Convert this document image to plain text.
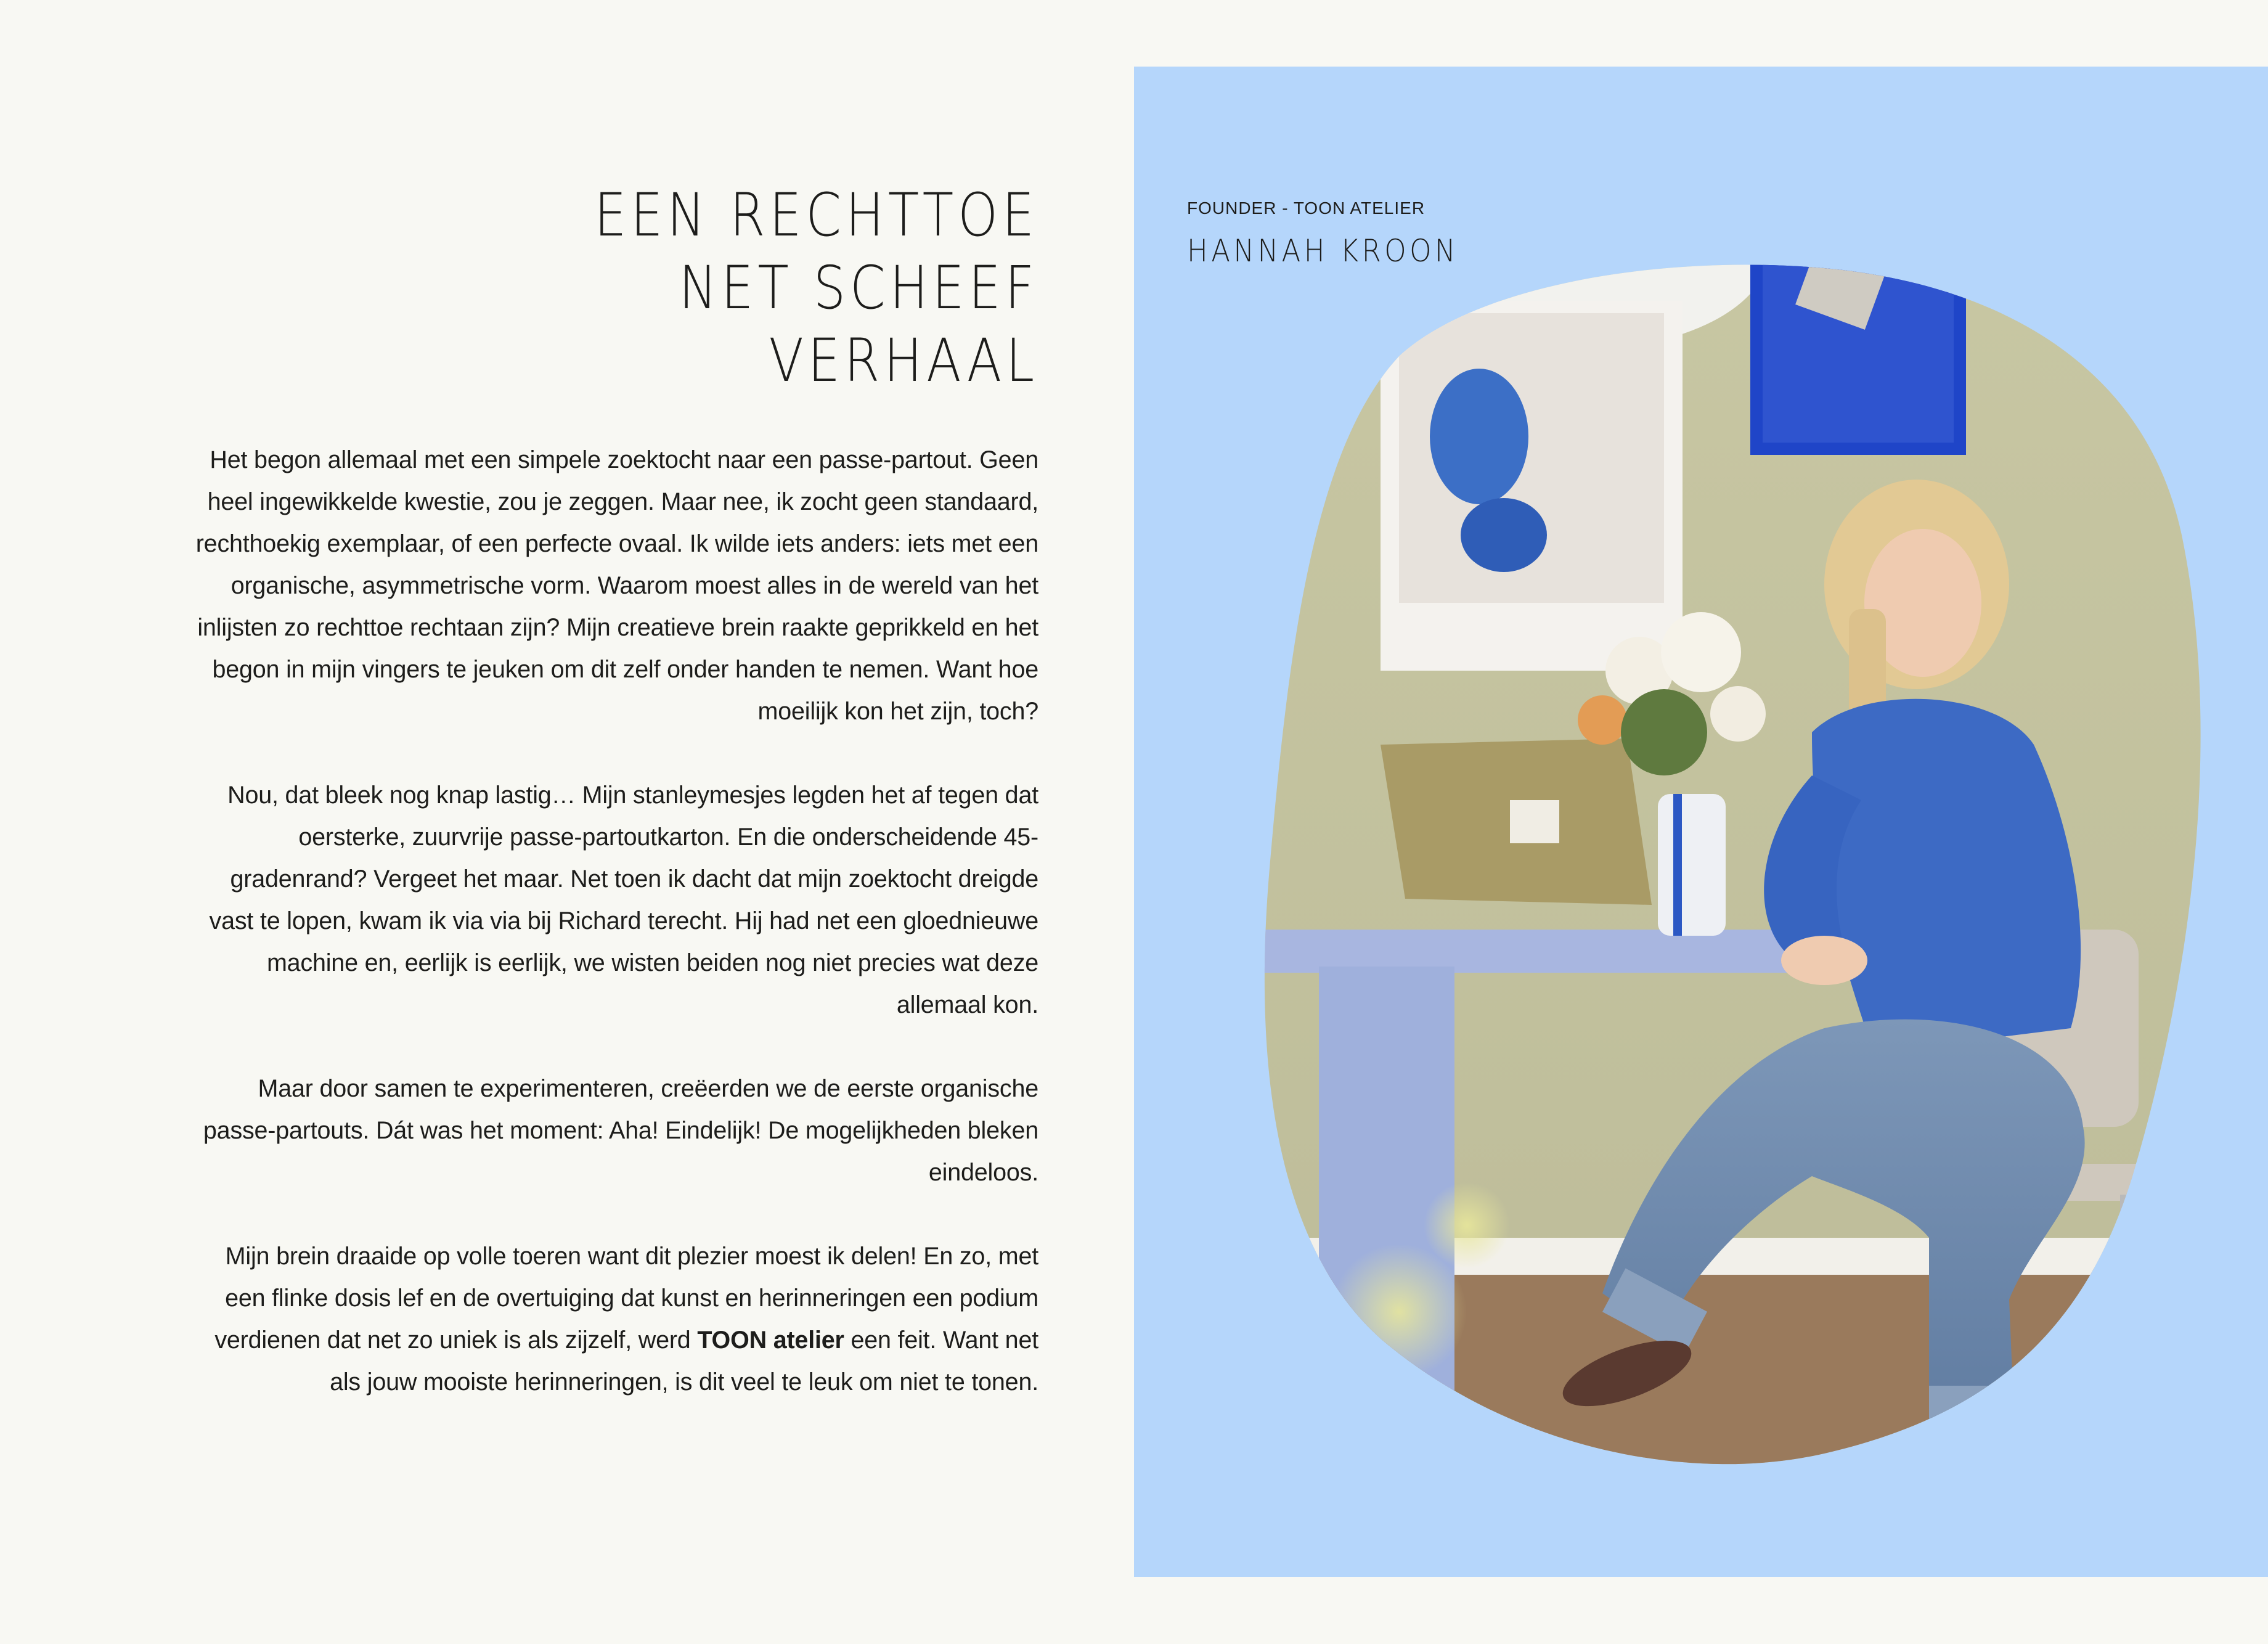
EEN RECHTTOE
NET SCHEEF
VERHAAL

Het begon allemaal met een simpele zoektocht naar een passe-partout. Geen heel ingewikkelde kwestie, zou je zeggen. Maar nee, ik zocht geen standaard, rechthoekig exemplaar, of een perfecte ovaal. Ik wilde iets anders: iets met een organische, asymmetrische vorm. Waarom moest alles in de wereld van het inlijsten zo rechttoe rechtaan zijn? Mijn creatieve brein raakte geprikkeld en het begon in mijn vingers te jeuken om dit zelf onder handen te nemen. Want hoe moeilijk kon het zijn, toch?

Nou, dat bleek nog knap lastig… Mijn stanleymesjes legden het af tegen dat oersterke, zuurvrije passe-partoutkarton. En die onderscheidende 45-gradenrand? Vergeet het maar. Net toen ik dacht dat mijn zoektocht dreigde vast te lopen, kwam ik via via bij Richard terecht. Hij had net een gloednieuwe machine en, eerlijk is eerlijk, we wisten beiden nog niet precies wat deze allemaal kon.

Maar door samen te experimenteren, creëerden we de eerste organische passe-partouts. Dát was het moment: Aha! Eindelijk! De mogelijkheden bleken eindeloos.

Mijn brein draaide op volle toeren want dit plezier moest ik delen! En zo, met een flinke dosis lef en de overtuiging dat kunst en herinneringen een podium verdienen dat net zo uniek is als zijzelf, werd TOON atelier een feit. Want net als jouw mooiste herinneringen, is dit veel te leuk om niet te tonen.

FOUNDER - TOON ATELIER
HANNAH KROON
